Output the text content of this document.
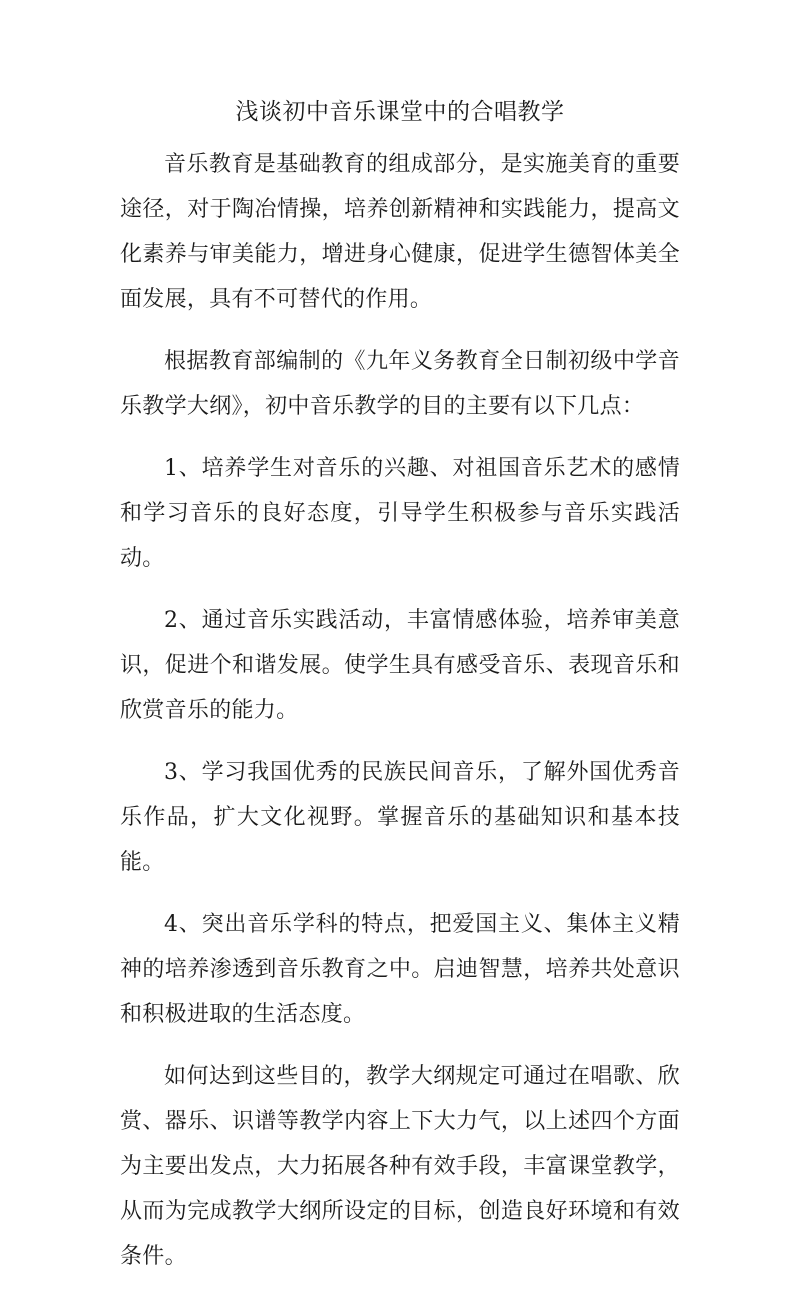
浅谈初中音乐课堂中的合唱教学

音乐教育是基础教育的组成部分，是实施美育的重要途径，对于陶冶情操，培养创新精神和实践能力，提高文化素养与审美能力，增进身心健康，促进学生德智体美全面发展，具有不可替代的作用。

根据教育部编制的《九年义务教育全日制初级中学音乐教学大纲》，初中音乐教学的目的主要有以下几点：

1、培养学生对音乐的兴趣、对祖国音乐艺术的感情和学习音乐的良好态度，引导学生积极参与音乐实践活动。

2、通过音乐实践活动，丰富情感体验，培养审美意识，促进个和谐发展。使学生具有感受音乐、表现音乐和欣赏音乐的能力。

3、学习我国优秀的民族民间音乐，了解外国优秀音乐作品，扩大文化视野。掌握音乐的基础知识和基本技能。

4、突出音乐学科的特点，把爱国主义、集体主义精神的培养渗透到音乐教育之中。启迪智慧，培养共处意识和积极进取的生活态度。

如何达到这些目的，教学大纲规定可通过在唱歌、欣赏、器乐、识谱等教学内容上下大力气，以上述四个方面为主要出发点，大力拓展各种有效手段，丰富课堂教学，从而为完成教学大纲所设定的目标，创造良好环境和有效条件。
